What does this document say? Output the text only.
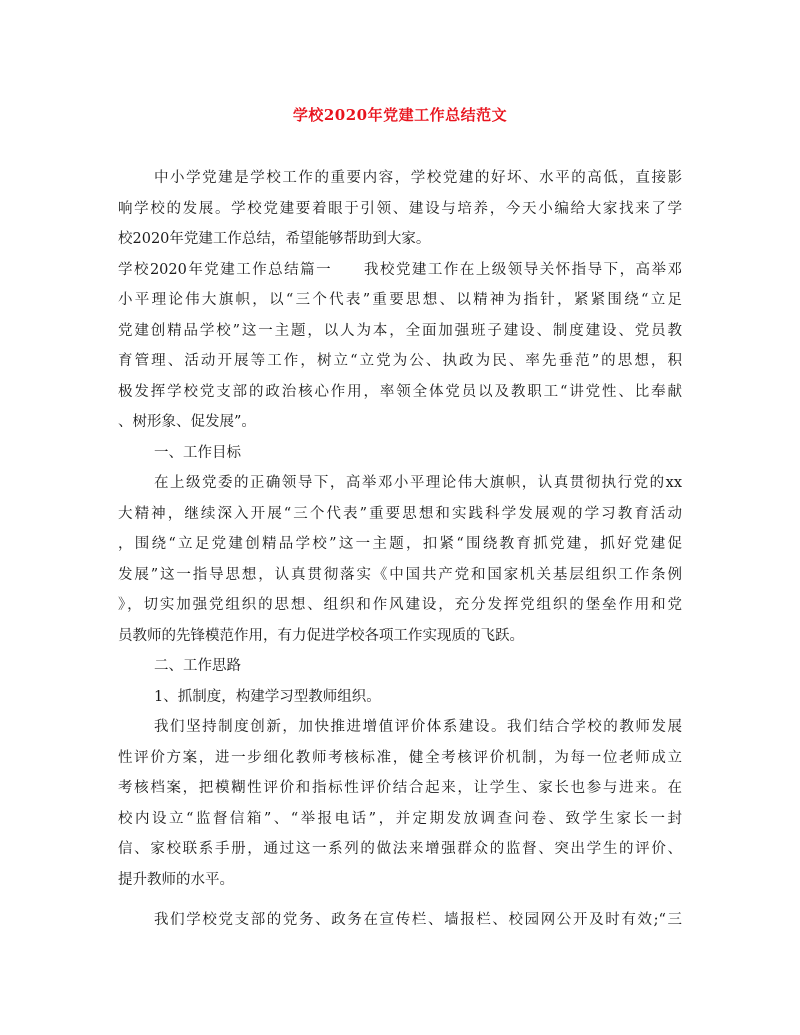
学校2020年党建工作总结范文
中小学党建是学校工作的重要内容，学校党建的好坏、水平的高低，直接影
响学校的发展。学校党建要着眼于引领、建设与培养，今天小编给大家找来了学
校2020年党建工作总结，希望能够帮助到大家。
学校2020年党建工作总结篇一　　我校党建工作在上级领导关怀指导下，高举邓
小平理论伟大旗帜，以“三个代表”重要思想、以精神为指针，紧紧围绕“立足
党建创精品学校”这一主题，以人为本，全面加强班子建设、制度建设、党员教
育管理、活动开展等工作，树立“立党为公、执政为民、率先垂范”的思想，积
极发挥学校党支部的政治核心作用，率领全体党员以及教职工“讲党性、比奉献
、树形象、促发展”。
一、工作目标
在上级党委的正确领导下，高举邓小平理论伟大旗帜，认真贯彻执行党的xx
大精神，继续深入开展“三个代表”重要思想和实践科学发展观的学习教育活动
，围绕“立足党建创精品学校”这一主题，扣紧“围绕教育抓党建，抓好党建促
发展”这一指导思想，认真贯彻落实《中国共产党和国家机关基层组织工作条例
》，切实加强党组织的思想、组织和作风建设，充分发挥党组织的堡垒作用和党
员教师的先锋模范作用，有力促进学校各项工作实现质的飞跃。
二、工作思路
1、抓制度，构建学习型教师组织。
我们坚持制度创新，加快推进增值评价体系建设。我们结合学校的教师发展
性评价方案，进一步细化教师考核标准，健全考核评价机制，为每一位老师成立
考核档案，把模糊性评价和指标性评价结合起来，让学生、家长也参与进来。在
校内设立“监督信箱”、“举报电话”，并定期发放调查问卷、致学生家长一封
信、家校联系手册，通过这一系列的做法来增强群众的监督、突出学生的评价、
提升教师的水平。
我们学校党支部的党务、政务在宣传栏、墙报栏、校园网公开及时有效;“三
